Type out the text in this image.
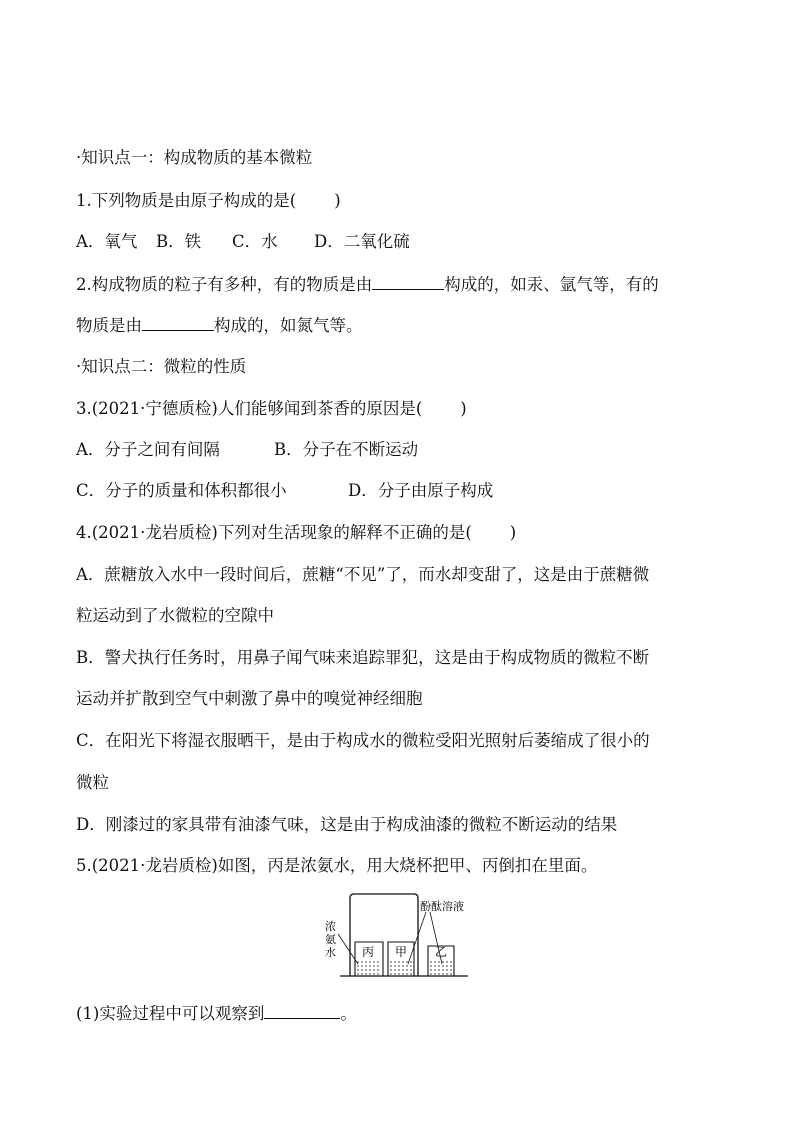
·知识点一：构成物质的基本微粒
1.下列物质是由原子构成的是( )
A．氧气 B．铁 C．水 D．二氧化硫
2.构成物质的粒子有多种，有的物质是由	构成的，如汞、氩气等，有的
物质是由	构成的，如氮气等。
·知识点二：微粒的性质
3.(2021·宁德质检)人们能够闻到茶香的原因是( )
A．分子之间有间隔	B．分子在不断运动
C．分子的质量和体积都很小	D．分子由原子构成
4.(2021·龙岩质检)下列对生活现象的解释不正确的是( )
A．蔗糖放入水中一段时间后，蔗糖“不见”了，而水却变甜了，这是由于蔗糖微
粒运动到了水微粒的空隙中
B．警犬执行任务时，用鼻子闻气味来追踪罪犯，这是由于构成物质的微粒不断
运动并扩散到空气中刺激了鼻中的嗅觉神经细胞
C．在阳光下将湿衣服晒干，是由于构成水的微粒受阳光照射后萎缩成了很小的
微粒
D．刚漆过的家具带有油漆气味，这是由于构成油漆的微粒不断运动的结果
5.(2021·龙岩质检)如图，丙是浓氨水，用大烧杯把甲、丙倒扣在里面。
丙 甲 乙
浓
氨
水
酚酞溶液
(1)实验过程中可以观察到	。
